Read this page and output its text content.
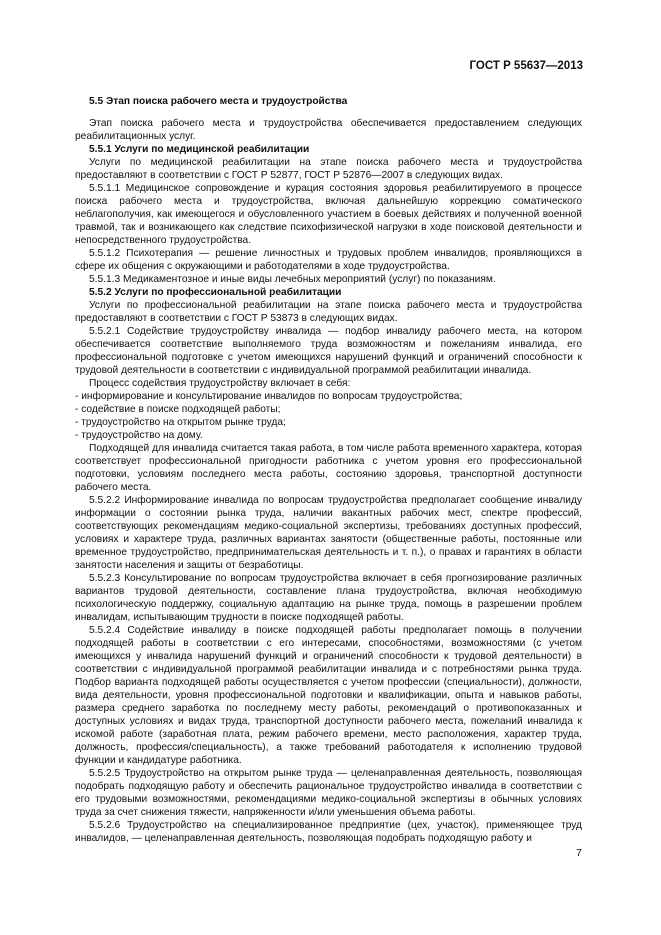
ГОСТ Р 55637—2013

5.5 Этап поиска рабочего места и трудоустройства

Этап поиска рабочего места и трудоустройства обеспечивается предоставлением следующих реабилитационных услуг.

5.5.1 Услуги по медицинской реабилитации

Услуги по медицинской реабилитации на этапе поиска рабочего места и трудоустройства предоставляют в соответствии с ГОСТ Р 52877, ГОСТ Р 52876—2007 в следующих видах.

5.5.1.1 Медицинское сопровождение и курация состояния здоровья реабилитируемого в процессе поиска рабочего места и трудоустройства, включая дальнейшую коррекцию соматического неблагополучия, как имеющегося и обусловленного участием в боевых действиях и полученной военной травмой, так и возникающего как следствие психофизической нагрузки в ходе поисковой деятельности и непосредственного трудоустройства.

5.5.1.2 Психотерапия — решение личностных и трудовых проблем инвалидов, проявляющихся в сфере их общения с окружающими и работодателями в ходе трудоустройства.

5.5.1.3 Медикаментозное и иные виды лечебных мероприятий (услуг) по показаниям.

5.5.2 Услуги по профессиональной реабилитации

Услуги по профессиональной реабилитации на этапе поиска рабочего места и трудоустройства предоставляют в соответствии с ГОСТ Р 53873 в следующих видах.

5.5.2.1 Содействие трудоустройству инвалида — подбор инвалиду рабочего места, на котором обеспечивается соответствие выполняемого труда возможностям и пожеланиям инвалида, его профессиональной подготовке с учетом имеющихся нарушений функций и ограничений способности к трудовой деятельности в соответствии с индивидуальной программой реабилитации инвалида.

Процесс содействия трудоустройству включает в себя:

- информирование и консультирование инвалидов по вопросам трудоустройства;

- содействие в поиске подходящей работы;

- трудоустройство на открытом рынке труда;

- трудоустройство на дому.

Подходящей для инвалида считается такая работа, в том числе работа временного характера, которая соответствует профессиональной пригодности работника с учетом уровня его профессиональной подготовки, условиям последнего места работы, состоянию здоровья, транспортной доступности рабочего места.

5.5.2.2 Информирование инвалида по вопросам трудоустройства предполагает сообщение инвалиду информации о состоянии рынка труда, наличии вакантных рабочих мест, спектре профессий, соответствующих рекомендациям медико-социальной экспертизы, требованиях доступных профессий, условиях и характере труда, различных вариантах занятости (общественные работы, постоянные или временное трудоустройство, предпринимательская деятельность и т. п.), о правах и гарантиях в области занятости населения и защиты от безработицы.

5.5.2.3 Консультирование по вопросам трудоустройства включает в себя прогнозирование различных вариантов трудовой деятельности, составление плана трудоустройства, включая необходимую психологическую поддержку, социальную адаптацию на рынке труда, помощь в разрешении проблем инвалидам, испытывающим трудности в поиске подходящей работы.

5.5.2.4 Содействие инвалиду в поиске подходящей работы предполагает помощь в получении подходящей работы в соответствии с его интересами, способностями, возможностями (с учетом имеющихся у инвалида нарушений функций и ограничений способности к трудовой деятельности) в соответствии с индивидуальной программой реабилитации инвалида и с потребностями рынка труда. Подбор варианта подходящей работы осуществляется с учетом профессии (специальности), должности, вида деятельности, уровня профессиональной подготовки и квалификации, опыта и навыков работы, размера среднего заработка по последнему месту работы, рекомендаций о противопоказанных и доступных условиях и видах труда, транспортной доступности рабочего места, пожеланий инвалида к искомой работе (заработная плата, режим рабочего времени, место расположения, характер труда, должность, профессия/специальность), а также требований работодателя к исполнению трудовой функции и кандидатуре работника.

5.5.2.5 Трудоустройство на открытом рынке труда — целенаправленная деятельность, позволяющая подобрать подходящую работу и обеспечить рациональное трудоустройство инвалида в соответствии с его трудовыми возможностями, рекомендациями медико-социальной экспертизы в обычных условиях труда за счет снижения тяжести, напряженности и/или уменьшения объема работы.

5.5.2.6 Трудоустройство на специализированное предприятие (цех, участок), применяющее труд инвалидов, — целенаправленная деятельность, позволяющая подобрать подходящую работу и

7
